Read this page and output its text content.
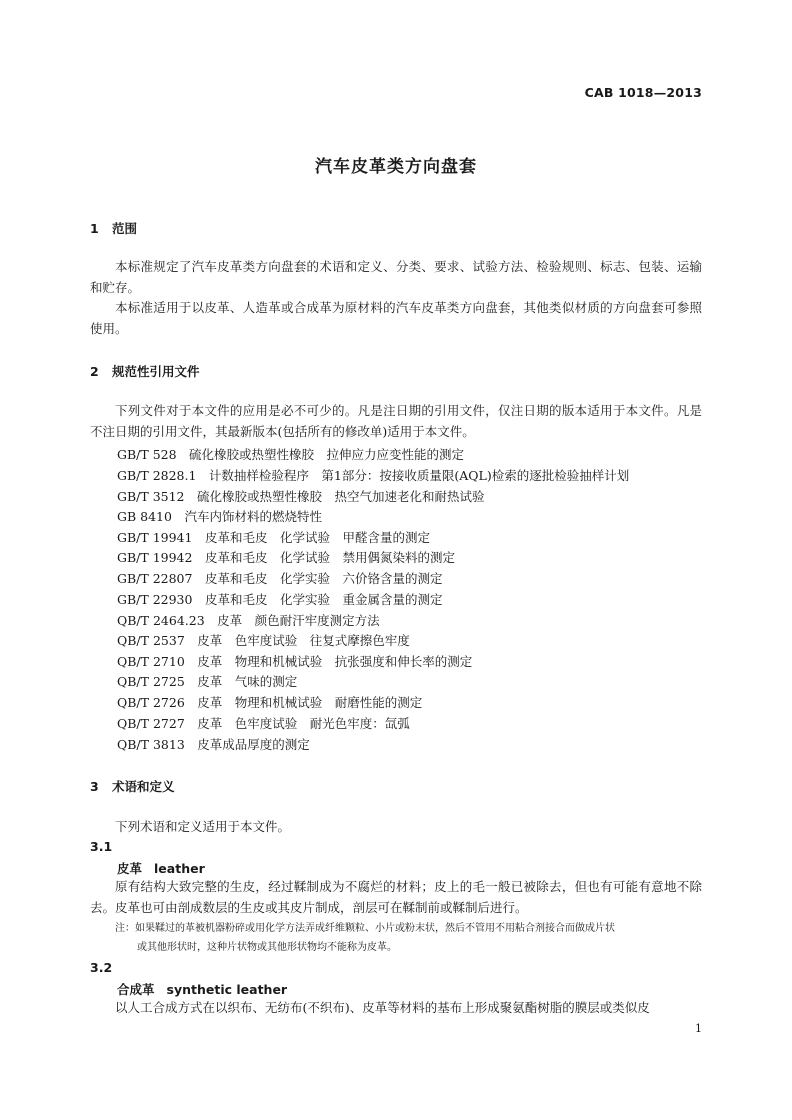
CAB 1018—2013
汽车皮革类方向盘套
1 范围

本标准规定了汽车皮革类方向盘套的术语和定义、分类、要求、试验方法、检验规则、标志、包装、运输和贮存。

本标准适用于以皮革、人造革或合成革为原材料的汽车皮革类方向盘套，其他类似材质的方向盘套可参照使用。

2 规范性引用文件

下列文件对于本文件的应用是必不可少的。凡是注日期的引用文件，仅注日期的版本适用于本文件。凡是不注日期的引用文件，其最新版本(包括所有的修改单)适用于本文件。

GB/T 528　硫化橡胶或热塑性橡胶　拉伸应力应变性能的测定
GB/T 2828.1　计数抽样检验程序　第1部分：按接收质量限(AQL)检索的逐批检验抽样计划
GB/T 3512　硫化橡胶或热塑性橡胶　热空气加速老化和耐热试验
GB 8410　汽车内饰材料的燃烧特性
GB/T 19941　皮革和毛皮　化学试验　甲醛含量的测定
GB/T 19942　皮革和毛皮　化学试验　禁用偶氮染料的测定
GB/T 22807　皮革和毛皮　化学实验　六价铬含量的测定
GB/T 22930　皮革和毛皮　化学实验　重金属含量的测定
QB/T 2464.23　皮革　颜色耐汗牢度测定方法
QB/T 2537　皮革　色牢度试验　往复式摩擦色牢度
QB/T 2710　皮革　物理和机械试验　抗张强度和伸长率的测定
QB/T 2725　皮革　气味的测定
QB/T 2726　皮革　物理和机械试验　耐磨性能的测定
QB/T 2727　皮革　色牢度试验　耐光色牢度：氙弧
QB/T 3813　皮革成品厚度的测定
3 术语和定义

下列术语和定义适用于本文件。

3.1
皮革 leather

原有结构大致完整的生皮，经过鞣制成为不腐烂的材料；皮上的毛一般已被除去，但也有可能有意地不除去。皮革也可由剖成数层的生皮或其皮片制成，剖层可在鞣制前或鞣制后进行。

注：如果鞣过的革被机器粉碎或用化学方法弄成纤维颗粒、小片或粉末状，然后不管用不用粘合剂接合而做成片状
或其他形状时，这种片状物或其他形状物均不能称为皮革。

3.2
合成革 synthetic leather

以人工合成方式在以织布、无纺布(不织布)、皮革等材料的基布上形成聚氨酯树脂的膜层或类似皮

1
